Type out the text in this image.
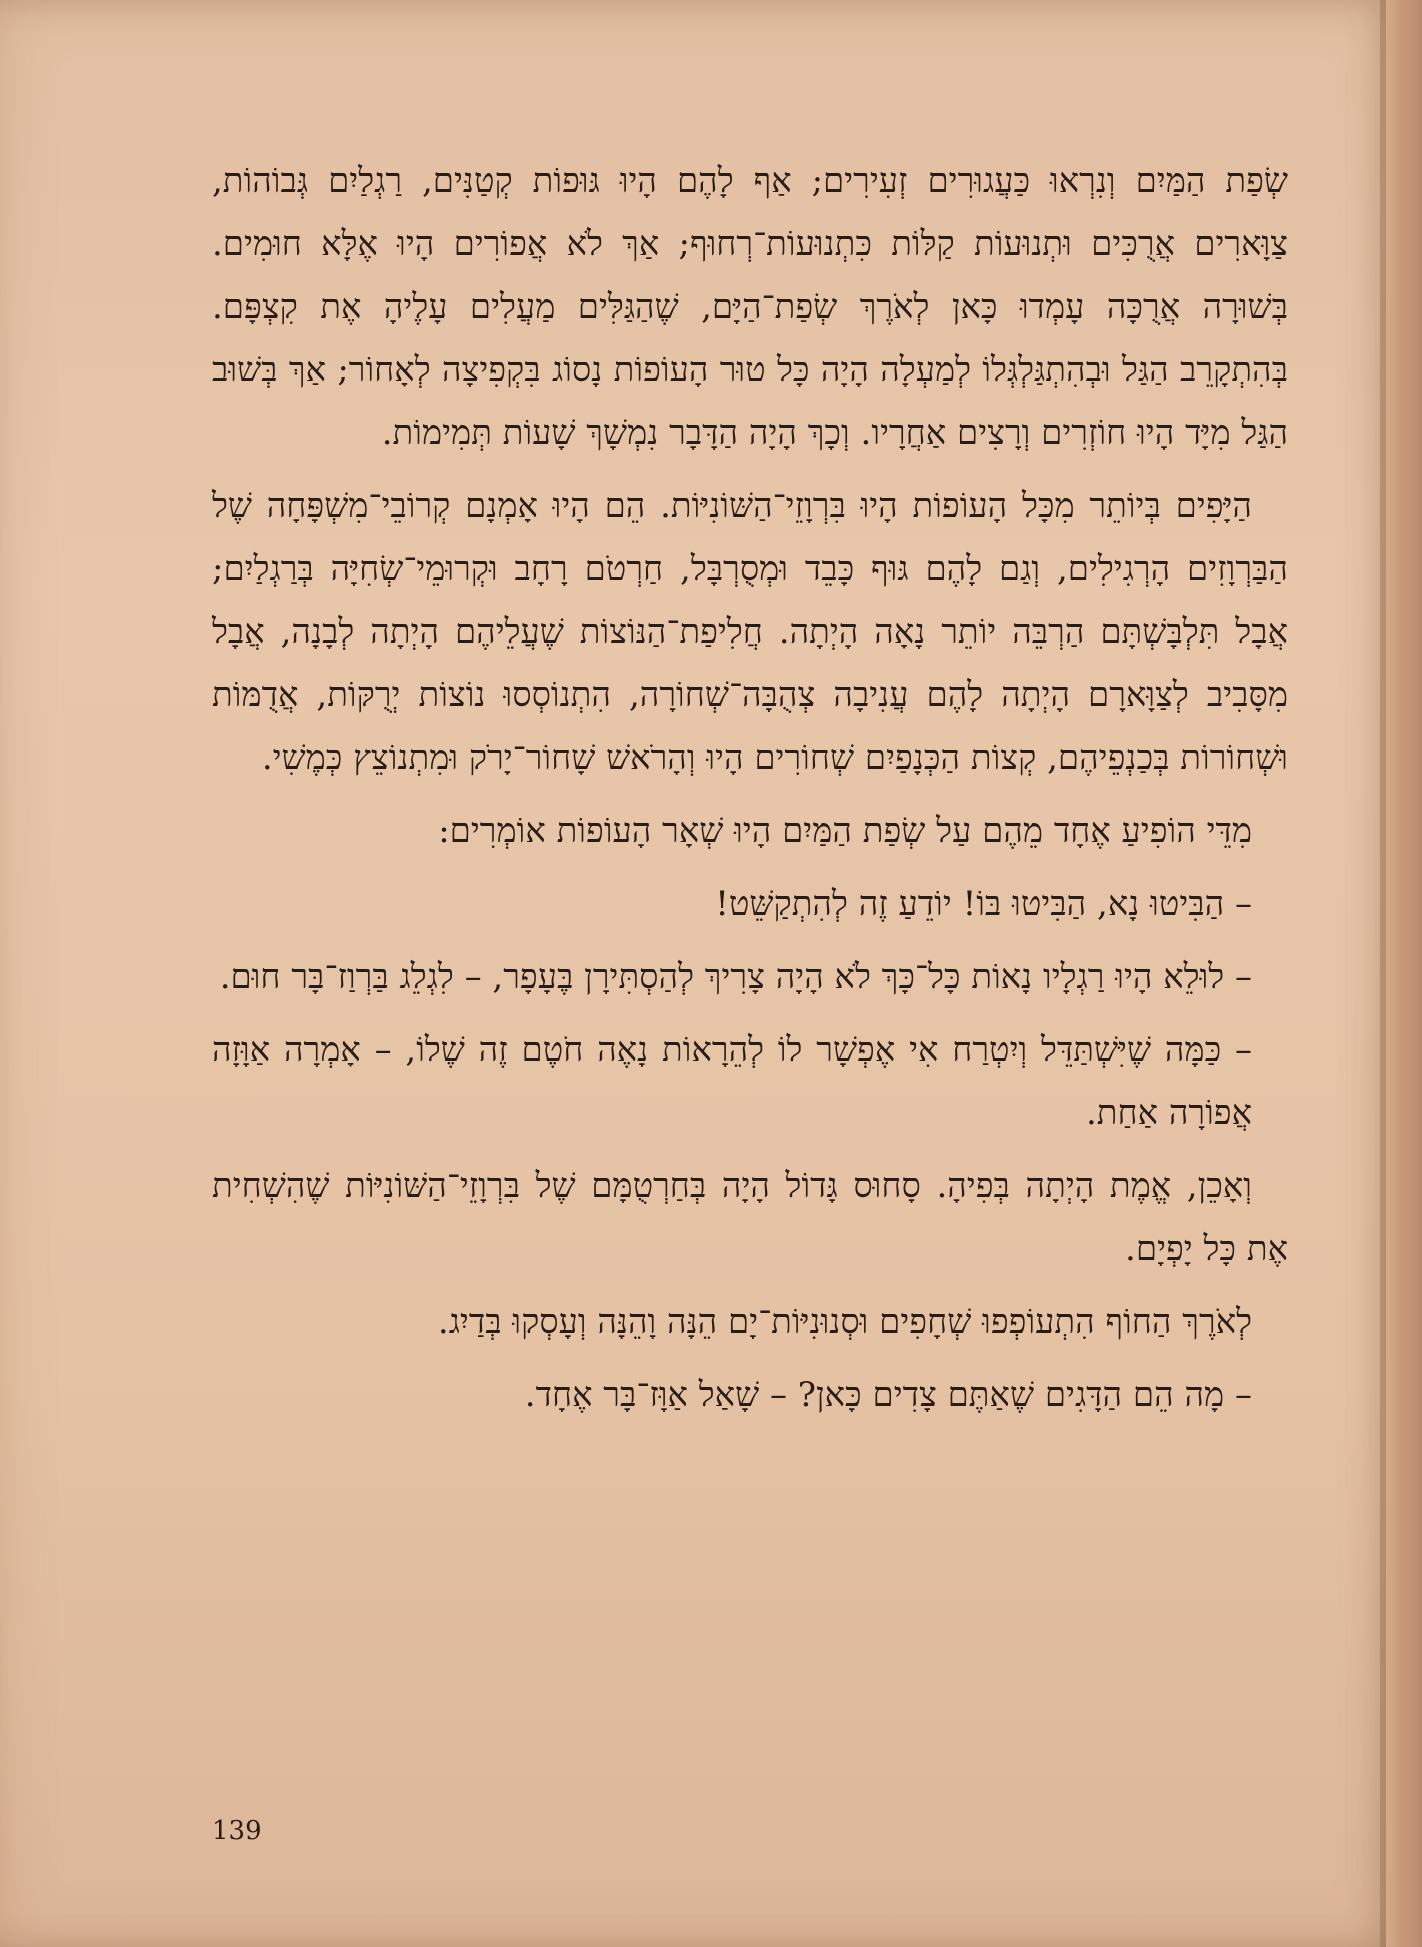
שְׂפַת הַמַּיִם וְנִרְאוּ כַּעֲגוּרִים זְעִירִים; אַף לָהֶם הָיוּ גּוּפוֹת קְטַנִּים, רַגְלַיִם גְּבוֹהוֹת, צַוָּארִים אֲרֻכִּים וּתְנוּעוֹת קַלּוֹת כִּתְנוּעוֹת־רְחוּף; אַךְ לֹא אֲפוֹרִים הָיוּ אֶלָּא חוּמִים. בְּשׁוּרָה אֲרֻכָּה עָמְדוּ כָּאן לְאֹרֶךְ שְׂפַת־הַיָּם, שֶׁהַגַּלִּים מַעֲלִים עָלֶיהָ אֶת קִצְפָּם. בְּהִתְקָרֵב הַגַּל וּבְהִתְגַּלְגְּלוֹ לְמַעְלָה הָיָה כָּל טוּר הָעוֹפוֹת נָסוֹג בִּקְפִיצָה לְאָחוֹר; אַךְ בְּשׁוּב הַגַּל מִיָּד הָיוּ חוֹזְרִים וְרָצִים אַחֲרָיו. וְכָךְ הָיָה הַדָּבָר נִמְשָׁךְ שָׁעוֹת תְּמִימוֹת.

הַיָּפִים בְּיוֹתֵר מִכָּל הָעוֹפוֹת הָיוּ בִּרְוָזֵי־הַשּׁוֹנִיּוֹת. הֵם הָיוּ אָמְנָם קְרוֹבֵי־מִשְׁפָּחָה שֶׁל הַבַּרְוָזִים הָרְגִילִים, וְגַם לָהֶם גּוּף כָּבֵד וּמְסֻרְבָּל, חַרְטֹם רָחָב וּקְרוּמֵי־שְׂחִיָּה בְּרַגְלַיִם; אֲבָל תִּלְבָּשְׁתָּם הַרְבֵּה יוֹתֵר נָאָה הָיְתָה. חֲלִיפַת־הַנּוֹצוֹת שֶׁעֲלֵיהֶם הָיְתָה לְבָנָה, אֲבָל מִסָּבִיב לְצַוָּארָם הָיְתָה לָהֶם עֲנִיבָה צְהֻבָּה־שְׁחוֹרָה, הִתְנוֹסְסוּ נוֹצוֹת יְרֻקּוֹת, אֲדֻמּוֹת וּשְׁחוֹרוֹת בְּכַנְפֵיהֶם, קְצוֹת הַכְּנָפַיִם שְׁחוֹרִים הָיוּ וְהָרֹאשׁ שָׁחוֹר־יָרֹק וּמִתְנוֹצֵץ כְּמֶשִׁי.

מִדֵּי הוֹפִיעַ אֶחָד מֵהֶם עַל שְׂפַת הַמַּיִם הָיוּ שְׁאָר הָעוֹפוֹת אוֹמְרִים:

– הַבִּיטוּ נָא, הַבִּיטוּ בּוֹ! יוֹדֵעַ זֶה לְהִתְקַשֵּׁט!

– לוּלֵא הָיוּ רַגְלָיו נָאוֹת כָּל־כָּךְ לֹא הָיָה צָרִיךְ לְהַסְתִּירָן בֶּעָפָר, – לִגְלֵג בַּרְוַז־בָּר חוּם.

– כַּמָּה שֶׁיִּשְׁתַּדֵּל וְיִטְרַח אִי אֶפְשָׁר לוֹ לְהֵרָאוֹת נָאֶה חֹטֶם זֶה שֶׁלוֹ, – אָמְרָה אַוָּזָה אֲפוֹרָה אַחַת.

וְאָכֵן, אֱמֶת הָיְתָה בְּפִיהָ. סָחוּס גָּדוֹל הָיָה בְּחַרְטֻמָּם שֶׁל בִּרְוָזֵי־הַשּׁוֹנִיּוֹת שֶׁהִשְׁחִית אֶת כָּל יָפְיָם.

לְאֹרֶךְ הַחוֹף הִתְעוֹפְפוּ שְׁחָפִים וּסְנוּנִיּוֹת־יָם הֵנָּה וָהֵנָּה וְעָסְקוּ בְּדַיִג.

– מָה הֵם הַדָּגִים שֶׁאַתֶּם צָדִים כָּאן? – שָׁאַל אַוָּז־בָּר אֶחָד.

139
